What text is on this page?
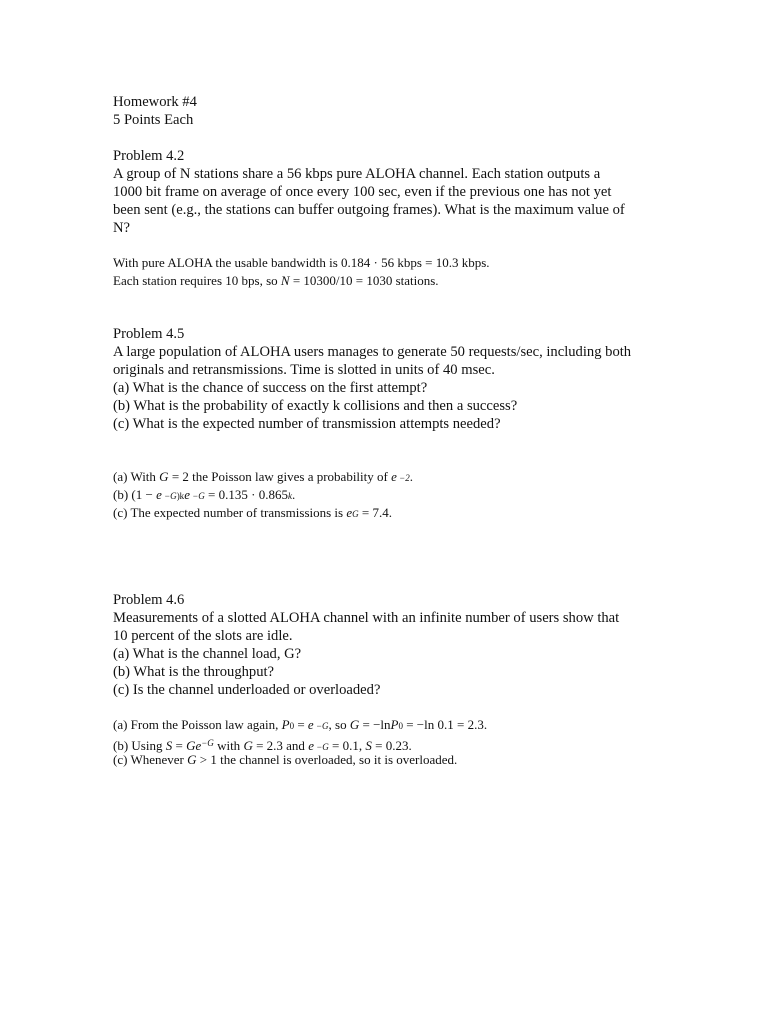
Homework #4
5 Points Each
Problem 4.2
A group of N stations share a 56 kbps pure ALOHA channel. Each station outputs a
1000 bit frame on average of once every 100 sec, even if the previous one has not yet
been sent (e.g., the stations can buffer outgoing frames). What is the maximum value of
N?
With pure ALOHA the usable bandwidth is 0.184 · 56 kbps = 10.3 kbps.
Each station requires 10 bps, so N = 10300/10 = 1030 stations.
Problem 4.5
A large population of ALOHA users manages to generate 50 requests/sec, including both
originals and retransmissions. Time is slotted in units of 40 msec.
(a) What is the chance of success on the first attempt?
(b) What is the probability of exactly k collisions and then a success?
(c) What is the expected number of transmission attempts needed?
(a) With G = 2 the Poisson law gives a probability of e −2.
(b) (1 − e −G)ke −G = 0.135 · 0.865k.
(c) The expected number of transmissions is eG = 7.4.
Problem 4.6
Measurements of a slotted ALOHA channel with an infinite number of users show that
10 percent of the slots are idle.
(a) What is the channel load, G?
(b) What is the throughput?
(c) Is the channel underloaded or overloaded?
(a) From the Poisson law again, P0 = e −G, so G = −lnP0 = −ln 0.1 = 2.3.
(b) Using $S = Ge^{-G}$ with G = 2.3 and e −G = 0.1, S = 0.23.
(c) Whenever G > 1 the channel is overloaded, so it is overloaded.
